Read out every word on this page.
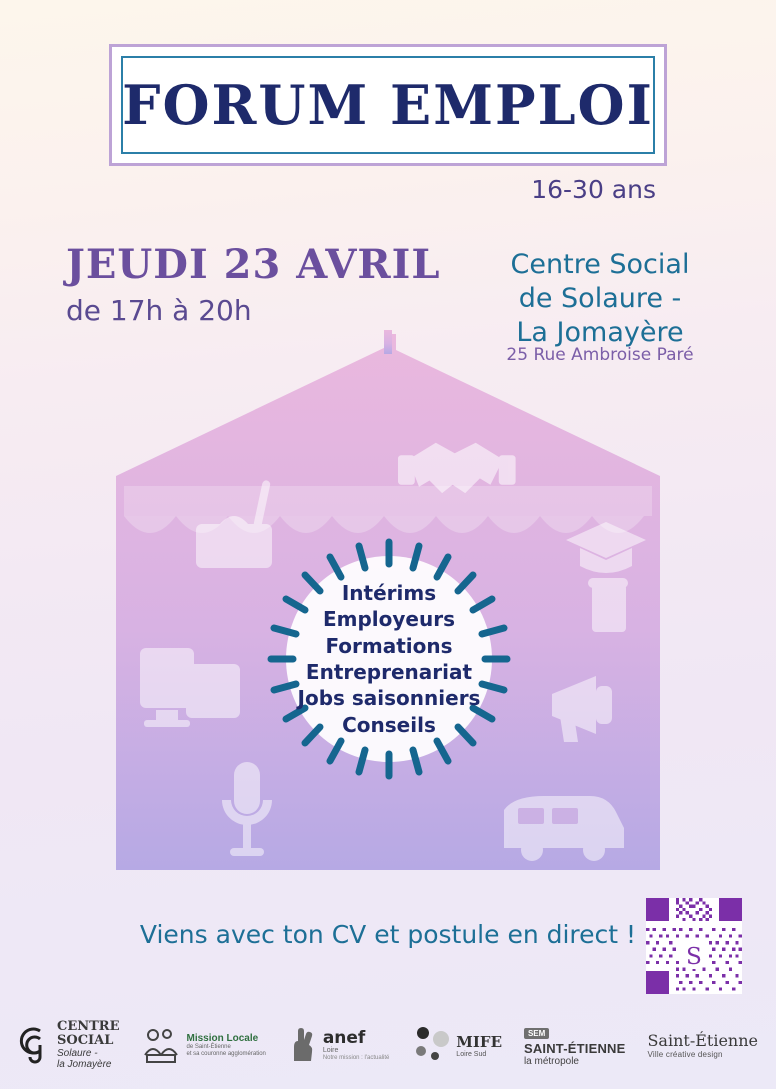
FORUM EMPLOI
16-30 ans
JEUDI 23 AVRIL
de 17h à 20h
Centre Social
de Solaure -
La Jomayère
25 Rue Ambroise Paré
Intérims
Employeurs
Formations
Entreprenariat
Jobs saisonniers
Conseils
Viens avec ton CV et postule en direct !
S
CENTRE
SOCIAL
Solaure -
la Jomayère
Mission Locale
de Saint-Étienne
et sa couronne agglomération
anef
Loire
Notre mission : l'actualité
MIFE
Loire Sud
SEM
SAINT-ÉTIENNE
la métropole
Saint-Étienne
Ville créative design
